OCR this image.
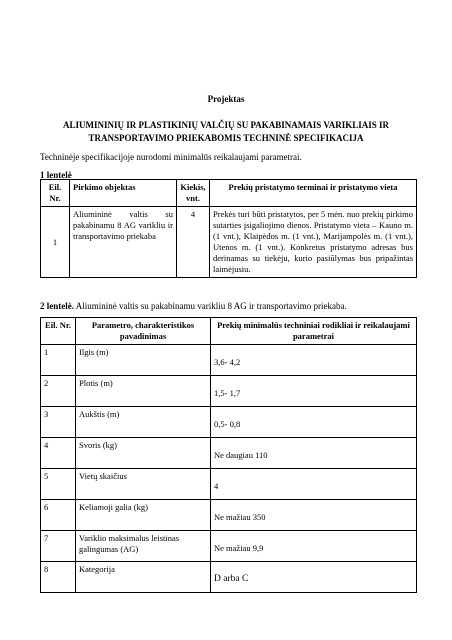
Projektas
ALIUMININIŲ IR PLASTIKINIŲ VALČIŲ SU PAKABINAMAIS VARIKLIAIS IR
TRANSPORTAVIMO PRIEKABOMIS TECHNINĖ SPECIFIKACIJA
Techninėje specifikacijoje nurodomi minimalūs reikalaujami parametrai.
1 lentelė
Eil. Nr.	Pirkimo objektas	Kiekis, vnt.	Prekių pristatymo terminai ir pristatymo vieta
1	Aliumininė valtis su pakabinamu 8 AG varikliu ir transportavimo priekaba	4	Prekės turi būti pristatytos, per 5 mėn. nuo prekių pirkimo sutarties įsigaliojimo dienos. Pristatymo vieta – Kauno m. (1 vnt.), Klaipėdos m. (1 vnt.), Marijampolės m. (1 vnt.), Utenos m. (1 vnt.). Konkretus pristatymo adresas bus derinamas su tiekėju, kurio pasiūlymas bus pripažintas laimėjusiu.
2 lentelė. Aliumininė valtis su pakabinamu varikliu 8 AG ir transportavimo priekaba.
Eil. Nr.	Parametro, charakteristikos pavadinimas	Prekių minimalūs techniniai rodikliai ir reikalaujami parametrai
1	Ilgis (m)	3,6- 4,2
2	Plotis (m)	1,5- 1,7
3	Aukštis (m)	0,5- 0,8
4	Svoris (kg)	Ne daugiau 110
5	Vietų skaičius	4
6	Keliamoji galia (kg)	Ne mažiau 350
7	Variklio maksimalus leistinas galingumas (AG)	Ne mažiau 9,9
8	Kategorija	D arba C
